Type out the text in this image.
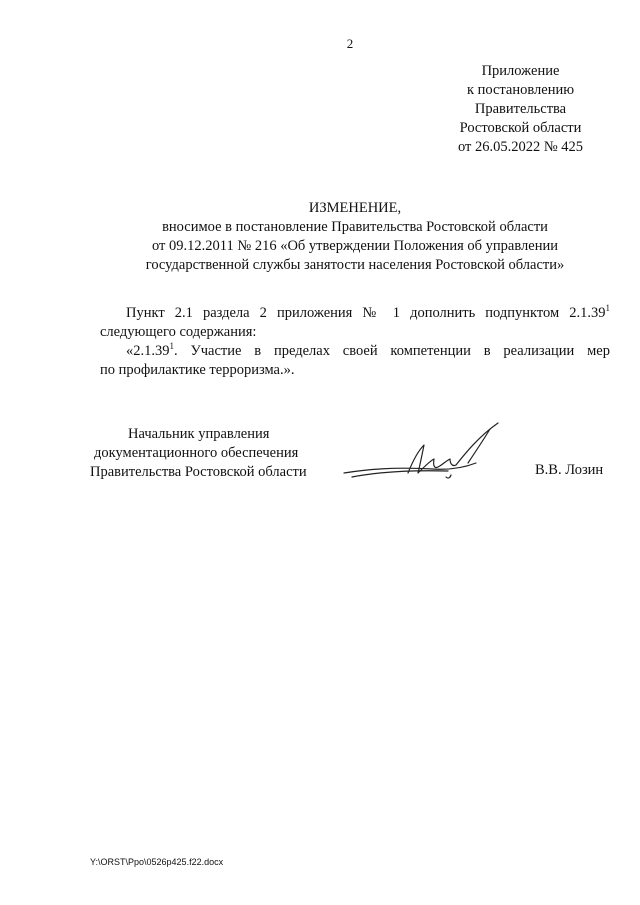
2
Приложение
к постановлению
Правительства
Ростовской области
от 26.05.2022 № 425
ИЗМЕНЕНИЕ,
вносимое в постановление Правительства Ростовской области
от 09.12.2011 № 216 «Об утверждении Положения об управлении
государственной службы занятости населения Ростовской области»
Пункт 2.1 раздела 2 приложения № 1 дополнить подпунктом 2.1.39$^1$
следующего содержания:
«2.1.39$^1$. Участие в пределах своей компетенции в реализации мер
по профилактике терроризма.».
Начальник управления
документационного обеспечения
Правительства Ростовской области	В.В. Лозин
Y:\ORST\Ppo\0526p425.f22.docx
